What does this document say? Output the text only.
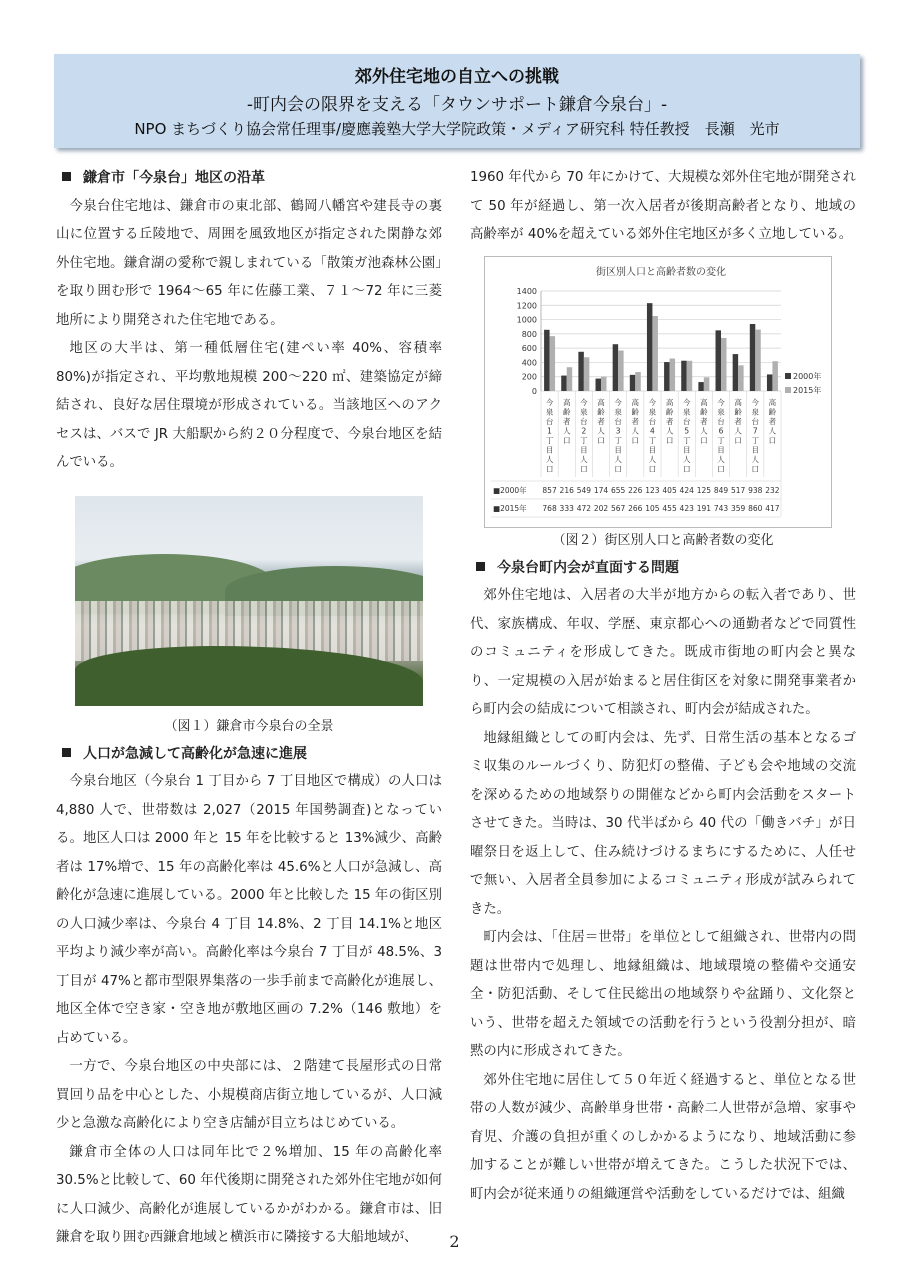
郊外住宅地の自立への挑戦
-町内会の限界を支える「タウンサポート鎌倉今泉台」-
NPO まちづくり協会常任理事/慶應義塾大学大学院政策・メディア研究科 特任教授　長瀬　光市
鎌倉市「今泉台」地区の沿革

今泉台住宅地は、鎌倉市の東北部、鶴岡八幡宮や建長寺の裏山に位置する丘陵地で、周囲を風致地区が指定された閑静な郊外住宅地。鎌倉湖の愛称で親しまれている「散策ガ池森林公園」を取り囲む形で 1964～65 年に佐藤工業、７１～72 年に三菱地所により開発された住宅地である。

地区の大半は、第一種低層住宅(建ぺい率 40%、容積率 80%)が指定され、平均敷地規模 200～220 ㎡、建築協定が締結され、良好な居住環境が形成されている。当該地区へのアクセスは、バスで JR 大船駅から約２０分程度で、今泉台地区を結んでいる。

（図１）鎌倉市今泉台の全景
人口が急減して高齢化が急速に進展

今泉台地区（今泉台 1 丁目から 7 丁目地区で構成）の人口は 4,880 人で、世帯数は 2,027（2015 年国勢調査)となっている。地区人口は 2000 年と 15 年を比較すると 13%減少、高齢者は 17%増で、15 年の高齢化率は 45.6%と人口が急減し、高齢化が急速に進展している。2000 年と比較した 15 年の街区別の人口減少率は、今泉台 4 丁目 14.8%、2 丁目 14.1%と地区平均より減少率が高い。高齢化率は今泉台 7 丁目が 48.5%、3 丁目が 47%と都市型限界集落の一歩手前まで高齢化が進展し、地区全体で空き家・空き地が敷地区画の 7.2%（146 敷地）を占めている。

一方で、今泉台地区の中央部には、２階建て長屋形式の日常買回り品を中心とした、小規模商店街立地しているが、人口減少と急激な高齢化により空き店舗が目立ちはじめている。

鎌倉市全体の人口は同年比で２%増加、15 年の高齢化率 30.5%と比較して、60 年代後期に開発された郊外住宅地が如何に人口減少、高齢化が進展しているかがわかる。鎌倉市は、旧鎌倉を取り囲む西鎌倉地域と横浜市に隣接する大船地域が、

1960 年代から 70 年にかけて、大規模な郊外住宅地が開発されて 50 年が経過し、第一次入居者が後期高齢者となり、地域の高齢率が 40%を超えている郊外住宅地区が多く立地している。

街区別人口と高齢者数の変化
0
200
400
600
800
1000
1200
1400
2000年
2015年
今泉台 1 丁目人口
高齢者人口
今泉台 2 丁目人口
高齢者人口
今泉台 3 丁目人口
高齢者人口
今泉台 4 丁目人口
高齢者人口
今泉台 5 丁目人口
高齢者人口
今泉台 6 丁目人口
高齢者人口
今泉台 7 丁目人口
高齢者人口
■2000年 857 216 549 174 655 226 123 405 424 125 849 517 938 232
■2015年 768 333 472 202 567 266 105 455 423 191 743 359 860 417
（図２）街区別人口と高齢者数の変化
今泉台町内会が直面する問題

郊外住宅地は、入居者の大半が地方からの転入者であり、世代、家族構成、年収、学歴、東京都心への通勤者などで同質性のコミュニティを形成してきた。既成市街地の町内会と異なり、一定規模の入居が始まると居住街区を対象に開発事業者から町内会の結成について相談され、町内会が結成された。

地縁組織としての町内会は、先ず、日常生活の基本となるゴミ収集のルールづくり、防犯灯の整備、子ども会や地域の交流を深めるための地域祭りの開催などから町内会活動をスタートさせてきた。当時は、30 代半ばから 40 代の「働きバチ」が日曜祭日を返上して、住み続けづけるまちにするために、人任せで無い、入居者全員参加によるコミュニティ形成が試みられてきた。

町内会は、「住居＝世帯」を単位として組織され、世帯内の問題は世帯内で処理し、地縁組織は、地域環境の整備や交通安全・防犯活動、そして住民総出の地域祭りや盆踊り、文化祭という、世帯を超えた領域での活動を行うという役割分担が、暗黙の内に形成されてきた。

郊外住宅地に居住して５０年近く経過すると、単位となる世帯の人数が減少、高齢単身世帯・高齢二人世帯が急増、家事や育児、介護の負担が重くのしかかるようになり、地域活動に参加することが難しい世帯が増えてきた。こうした状況下では、町内会が従来通りの組織運営や活動をしているだけでは、組織

2
